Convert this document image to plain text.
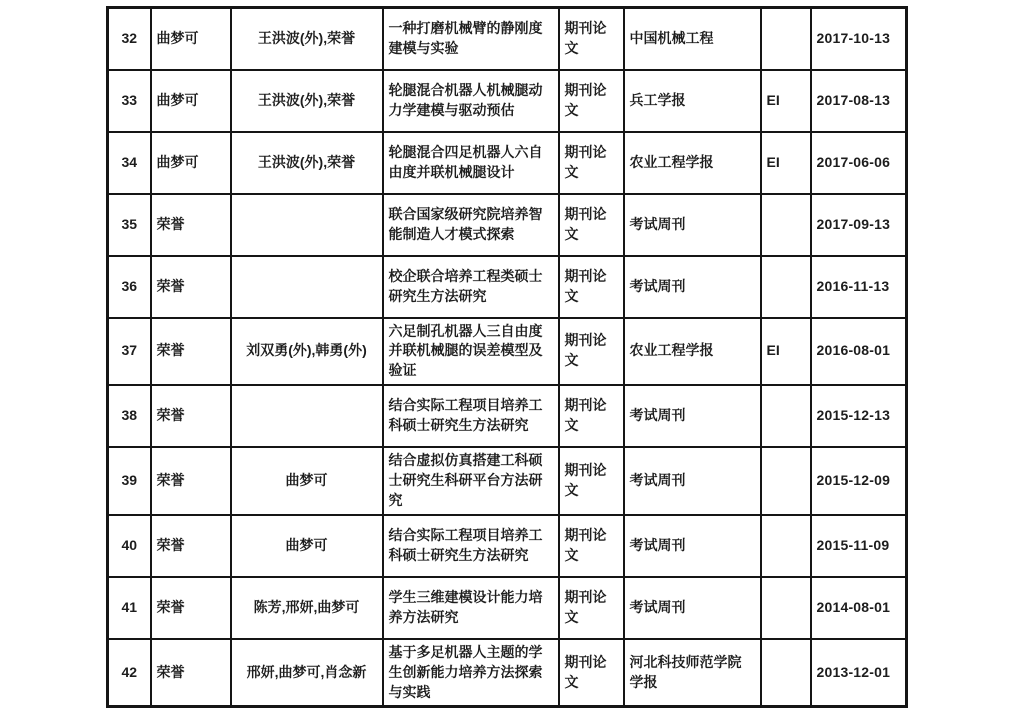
32	曲梦可	王洪波(外),荣誉	一种打磨机械臂的静刚度建模与实验	期刊论文	中国机械工程		2017-10-13
33	曲梦可	王洪波(外),荣誉	轮腿混合机器人机械腿动力学建模与驱动预估	期刊论文	兵工学报	EI	2017-08-13
34	曲梦可	王洪波(外),荣誉	轮腿混合四足机器人六自由度并联机械腿设计	期刊论文	农业工程学报	EI	2017-06-06
35	荣誉		联合国家级研究院培养智能制造人才模式探索	期刊论文	考试周刊		2017-09-13
36	荣誉		校企联合培养工程类硕士研究生方法研究	期刊论文	考试周刊		2016-11-13
37	荣誉	刘双勇(外),韩勇(外)	六足制孔机器人三自由度并联机械腿的误差模型及验证	期刊论文	农业工程学报	EI	2016-08-01
38	荣誉		结合实际工程项目培养工科硕士研究生方法研究	期刊论文	考试周刊		2015-12-13
39	荣誉	曲梦可	结合虚拟仿真搭建工科硕士研究生科研平台方法研究	期刊论文	考试周刊		2015-12-09
40	荣誉	曲梦可	结合实际工程项目培养工科硕士研究生方法研究	期刊论文	考试周刊		2015-11-09
41	荣誉	陈芳,邢妍,曲梦可	学生三维建模设计能力培养方法研究	期刊论文	考试周刊		2014-08-01
42	荣誉	邢妍,曲梦可,肖念新	基于多足机器人主题的学生创新能力培养方法探索与实践	期刊论文	河北科技师范学院学报		2013-12-01
